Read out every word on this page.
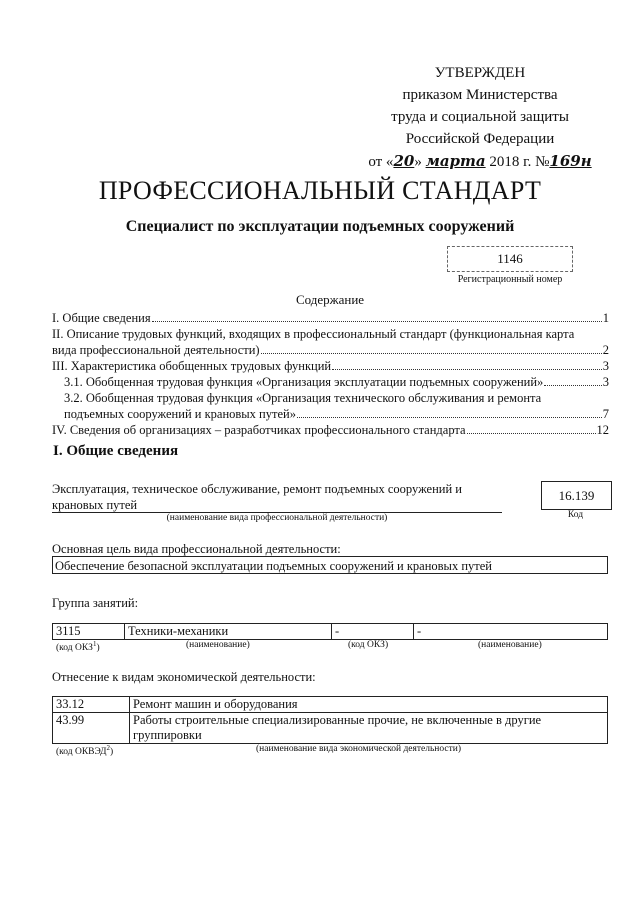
УТВЕРЖДЕН
приказом Министерства
труда и социальной защиты
Российской Федерации
от «20» марта 2018 г. №169н
ПРОФЕССИОНАЛЬНЫЙ СТАНДАРТ
Специалист по эксплуатации подъемных сооружений
1146
Регистрационный номер
Содержание
I. Общие сведения	1
II. Описание трудовых функций, входящих в профессиональный стандарт (функциональная карта
вида профессиональной деятельности)	2
III. Характеристика обобщенных трудовых функций	3
3.1. Обобщенная трудовая функция «Организация эксплуатации подъемных сооружений»	3
3.2. Обобщенная трудовая функция «Организация технического обслуживания и ремонта
подъемных сооружений и крановых путей»	7
IV. Сведения об организациях – разработчиках профессионального стандарта	12
I. Общие сведения
Эксплуатация, техническое обслуживание, ремонт подъемных сооружений и крановых путей
(наименование вида профессиональной деятельности)
16.139
Код
Основная цель вида профессиональной деятельности:
Обеспечение безопасной эксплуатации подъемных сооружений и крановых путей
Группа занятий:
3115	Техники-механики	-	-
(код ОКЗ$^1$)	(наименование)	(код ОКЗ)	(наименование)
Отнесение к видам экономической деятельности:
33.12	Ремонт машин и оборудования
43.99	Работы строительные специализированные прочие, не включенные в другие группировки
(код ОКВЭД$^2$)	(наименование вида экономической деятельности)
